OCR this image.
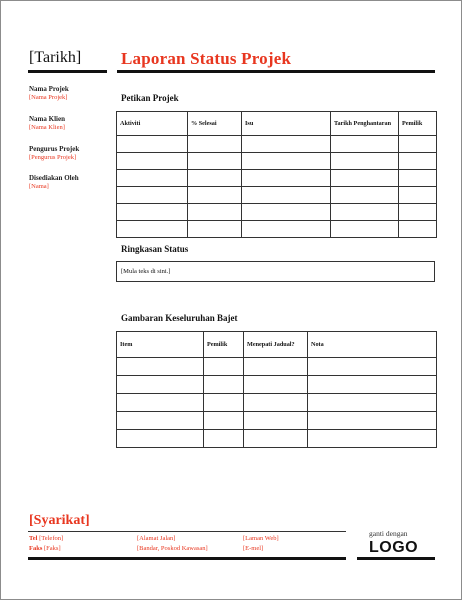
[Tarikh] Laporan Status Projek
Nama Projek
[Nama Projek]
Nama Klien
[Nama Klien]
Pengurus Projek
[Pengurus Projek]
Disediakan Oleh
[Nama]
Petikan Projek
Aktiviti	% Selesai	Isu	Tarikh Penghantaran	Pemilik

Ringkasan Status
[Mula teks di sini.]
Gambaran Keseluruhan Bajet
Item	Pemilik	Menepati Jadual?	Nota

[Syarikat]
Tel [Telefon]
Faks [Faks]
[Alamat Jalan]
[Bandar, Poskod Kawasan]
[Laman Web]
[E-mel]
ganti dengan
LOGO
